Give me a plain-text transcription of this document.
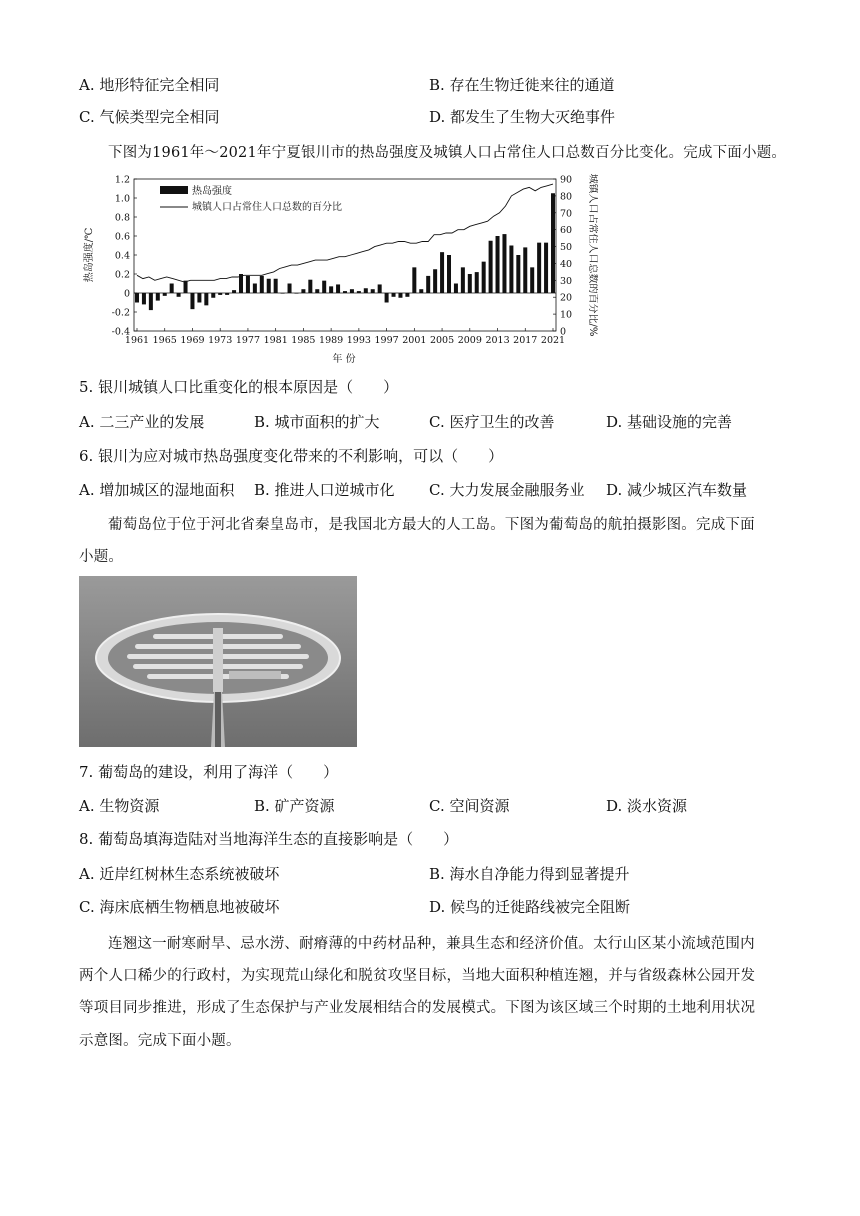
A. 地形特征完全相同	B. 存在生物迁徙来往的通道
C. 气候类型完全相同	D. 都发生了生物大灭绝事件
下图为1961年～2021年宁夏银川市的热岛强度及城镇人口占常住人口总数百分比变化。完成下面小题。
热岛强度
城镇人口占常住人口总数的百分比
1.2
1.0
0.8
0.6
0.4
0.2
0
-0.2
-0.4
90
80
70
60
50
40
30
20
10
0
1961 1965 1969 1973 1977 1981 1985 1989 1993 1997 2001 2005 2009 2013 2017 2021
热岛强度/℃	城镇人口占常住人口总数的百分比/%
年 份
5. 银川城镇人口比重变化的根本原因是（　　）
A. 二三产业的发展	B. 城市面积的扩大	C. 医疗卫生的改善	D. 基础设施的完善
6. 银川为应对城市热岛强度变化带来的不利影响，可以（　　）
A. 增加城区的湿地面积 B. 推进人口逆城市化 C. 大力发展金融服务业 D. 减少城区汽车数量
葡萄岛位于位于河北省秦皇岛市，是我国北方最大的人工岛。下图为葡萄岛的航拍摄影图。完成下面
小题。
7. 葡萄岛的建设，利用了海洋（　　）
A. 生物资源	B. 矿产资源	C. 空间资源	D. 淡水资源
8. 葡萄岛填海造陆对当地海洋生态的直接影响是（　　）
A. 近岸红树林生态系统被破坏	B. 海水自净能力得到显著提升
C. 海床底栖生物栖息地被破坏	D. 候鸟的迁徙路线被完全阻断
连翘这一耐寒耐旱、忌水涝、耐瘠薄的中药材品种，兼具生态和经济价值。太行山区某小流域范围内
两个人口稀少的行政村，为实现荒山绿化和脱贫攻坚目标，当地大面积种植连翘，并与省级森林公园开发
等项目同步推进，形成了生态保护与产业发展相结合的发展模式。下图为该区域三个时期的土地利用状况
示意图。完成下面小题。
